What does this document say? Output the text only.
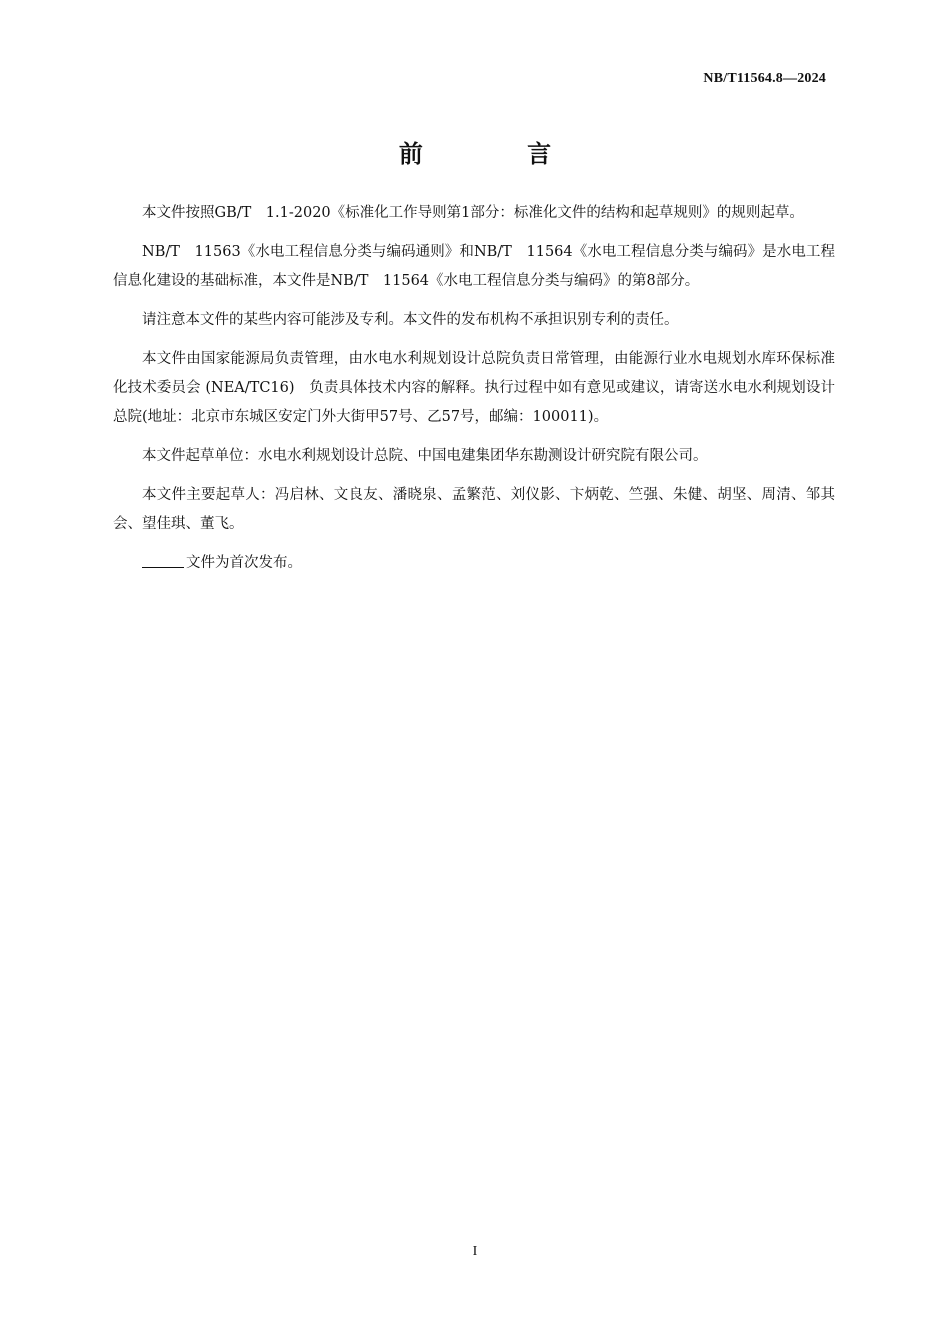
NB/T11564.8—2024
前 言

本文件按照GB/T　1.1-2020《标准化工作导则第1部分：标准化文件的结构和起草规则》的规则起草。

NB/T　11563《水电工程信息分类与编码通则》和NB/T　11564《水电工程信息分类与编码》是水电工程信息化建设的基础标准，本文件是NB/T　11564《水电工程信息分类与编码》的第8部分。

请注意本文件的某些内容可能涉及专利。本文件的发布机构不承担识别专利的责任。

本文件由国家能源局负责管理，由水电水利规划设计总院负责日常管理，由能源行业水电规划水库环保标准化技术委员会 (NEA/TC16)　负责具体技术内容的解释。执行过程中如有意见或建议，请寄送水电水利规划设计总院(地址：北京市东城区安定门外大街甲57号、乙57号，邮编：100011)。

本文件起草单位：水电水利规划设计总院、中国电建集团华东勘测设计研究院有限公司。

本文件主要起草人：冯启林、文良友、潘晓泉、孟繁范、刘仪影、卞炳乾、竺强、朱健、胡坚、周清、邹其会、望佳琪、董飞。

文件为首次发布。

I
